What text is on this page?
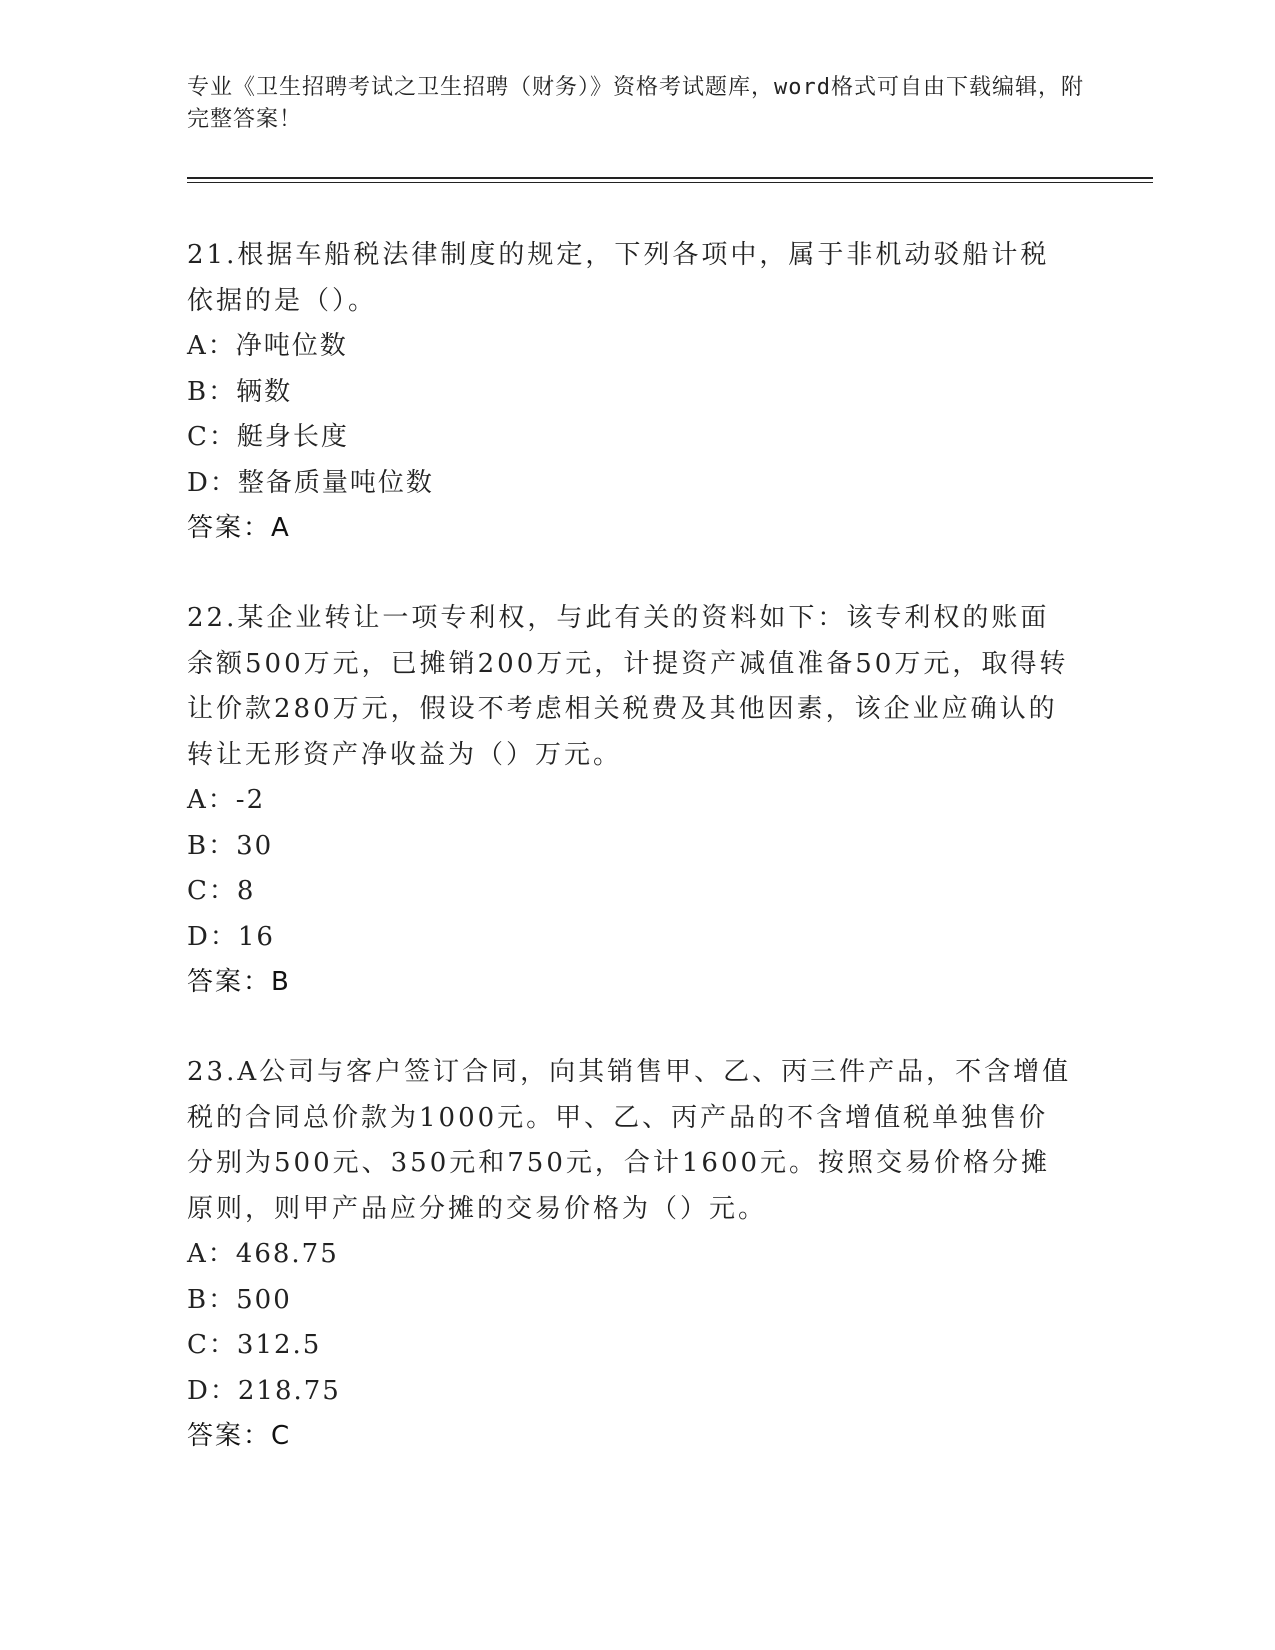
专业《卫生招聘考试之卫生招聘（财务）》资格考试题库，word格式可自由下载编辑，附完整答案！

21.根据车船税法律制度的规定，下列各项中，属于非机动驳船计税依据的是（）。

A：净吨位数

B：辆数

C：艇身长度

D：整备质量吨位数

答案：A

22.某企业转让一项专利权，与此有关的资料如下：该专利权的账面余额500万元，已摊销200万元，计提资产减值准备50万元，取得转让价款280万元，假设不考虑相关税费及其他因素，该企业应确认的转让无形资产净收益为（）万元。

A：-2

B：30

C：8

D：16

答案：B

23.A公司与客户签订合同，向其销售甲、乙、丙三件产品，不含增值税的合同总价款为1000元。甲、乙、丙产品的不含增值税单独售价分别为500元、350元和750元，合计1600元。按照交易价格分摊原则，则甲产品应分摊的交易价格为（）元。

A：468.75

B：500

C：312.5

D：218.75

答案：C
